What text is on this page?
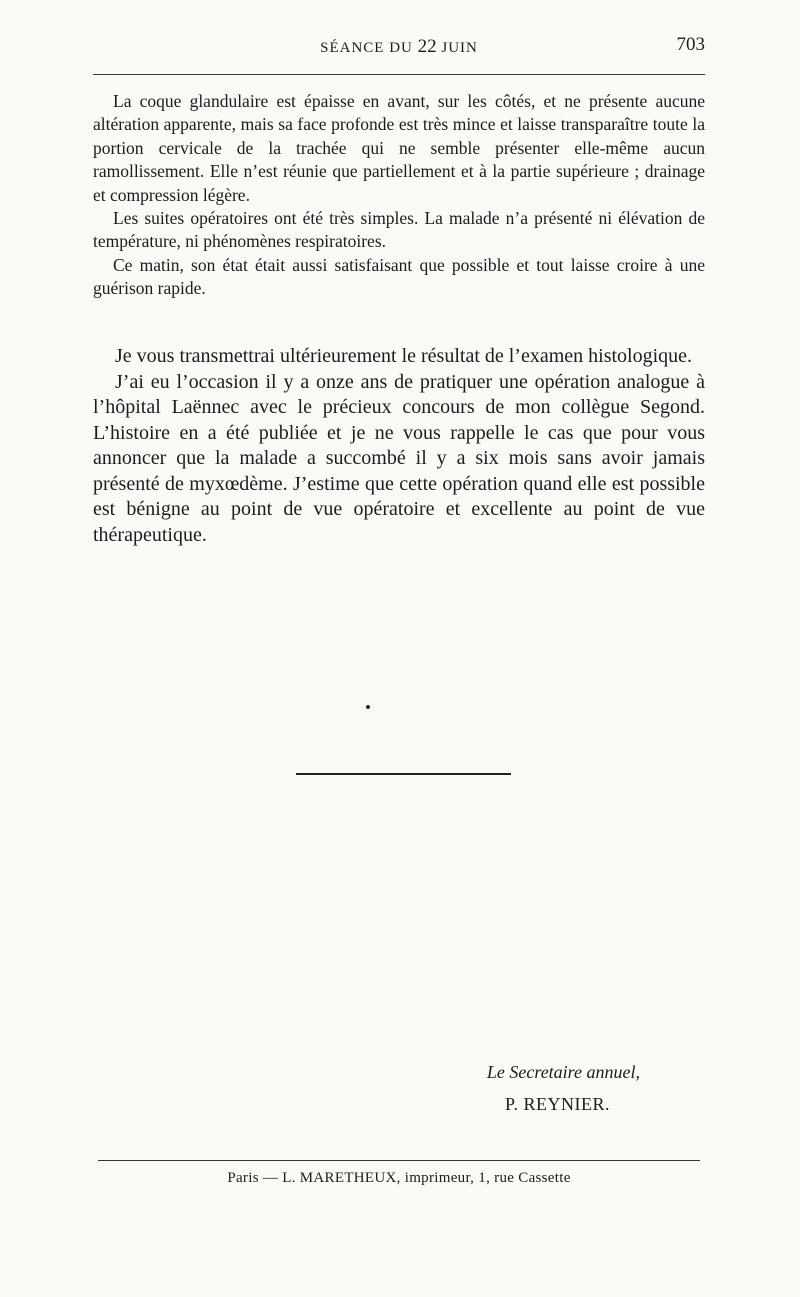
SÉANCE DU 22 JUIN	703

La coque glandulaire est épaisse en avant, sur les côtés, et ne présente aucune altération apparente, mais sa face profonde est très mince et laisse transparaître toute la portion cervicale de la trachée qui ne semble présenter elle-même aucun ramollissement. Elle n’est réunie que partiellement et à la partie supérieure ; drainage et compression légère.

Les suites opératoires ont été très simples. La malade n’a présenté ni élévation de température, ni phénomènes respiratoires.

Ce matin, son état était aussi satisfaisant que possible et tout laisse croire à une guérison rapide.

Je vous transmettrai ultérieurement le résultat de l’examen histologique.

J’ai eu l’occasion il y a onze ans de pratiquer une opération analogue à l’hôpital Laënnec avec le précieux concours de mon collègue Segond. L’histoire en a été publiée et je ne vous rappelle le cas que pour vous annoncer que la malade a succombé il y a six mois sans avoir jamais présenté de myxœdème. J’estime que cette opération quand elle est possible est bénigne au point de vue opératoire et excellente au point de vue thérapeutique.

Le Secretaire annuel,
P. REYNIER.
Paris — L. MARETHEUX, imprimeur, 1, rue Cassette
